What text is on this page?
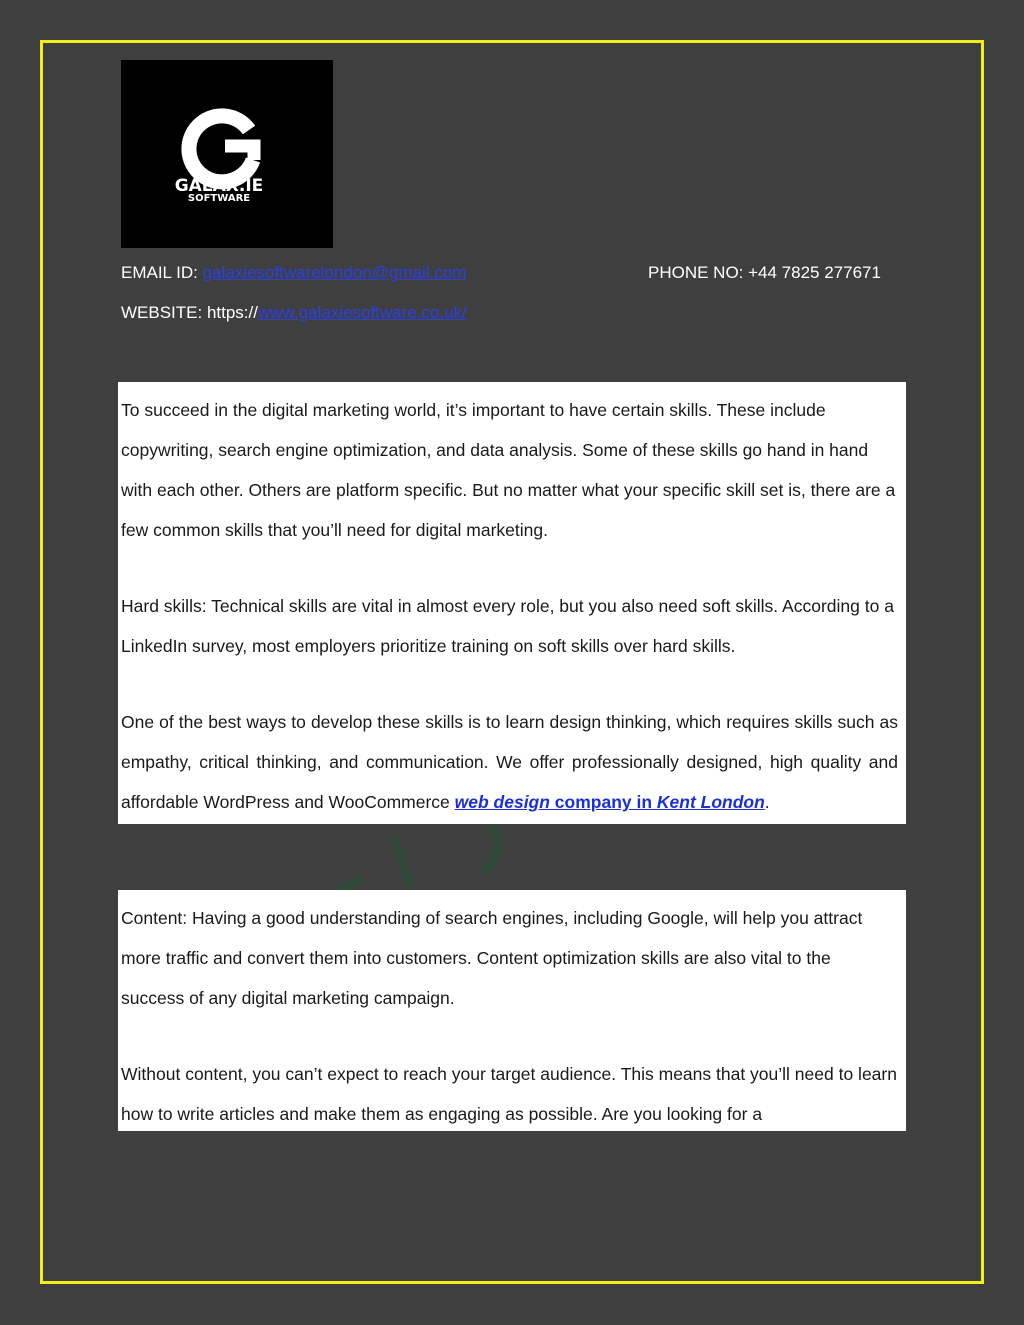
GALAX.IE
SOFTWARE
EMAIL ID: galaxiesoftwarelondon@gmail.com	PHONE NO: +44 7825 277671
WEBSITE: https://www.galaxiesoftware.co.uk/

To succeed in the digital marketing world, it’s important to have certain skills. These include copywriting, search engine optimization, and data analysis. Some of these skills go hand in hand with each other. Others are platform specific. But no matter what your specific skill set is, there are a few common skills that you’ll need for digital marketing.

Hard skills: Technical skills are vital in almost every role, but you also need soft skills. According to a LinkedIn survey, most employers prioritize training on soft skills over hard skills.

One of the best ways to develop these skills is to learn design thinking, which requires skills such as empathy, critical thinking, and communication. We offer professionally designed, high quality and affordable WordPress and WooCommerce web design company in Kent London.

Content: Having a good understanding of search engines, including Google, will help you attract more traffic and convert them into customers. Content optimization skills are also vital to the success of any digital marketing campaign.

Without content, you can’t expect to reach your target audience. This means that you’ll need to learn how to write articles and make them as engaging as possible. Are you looking for a
